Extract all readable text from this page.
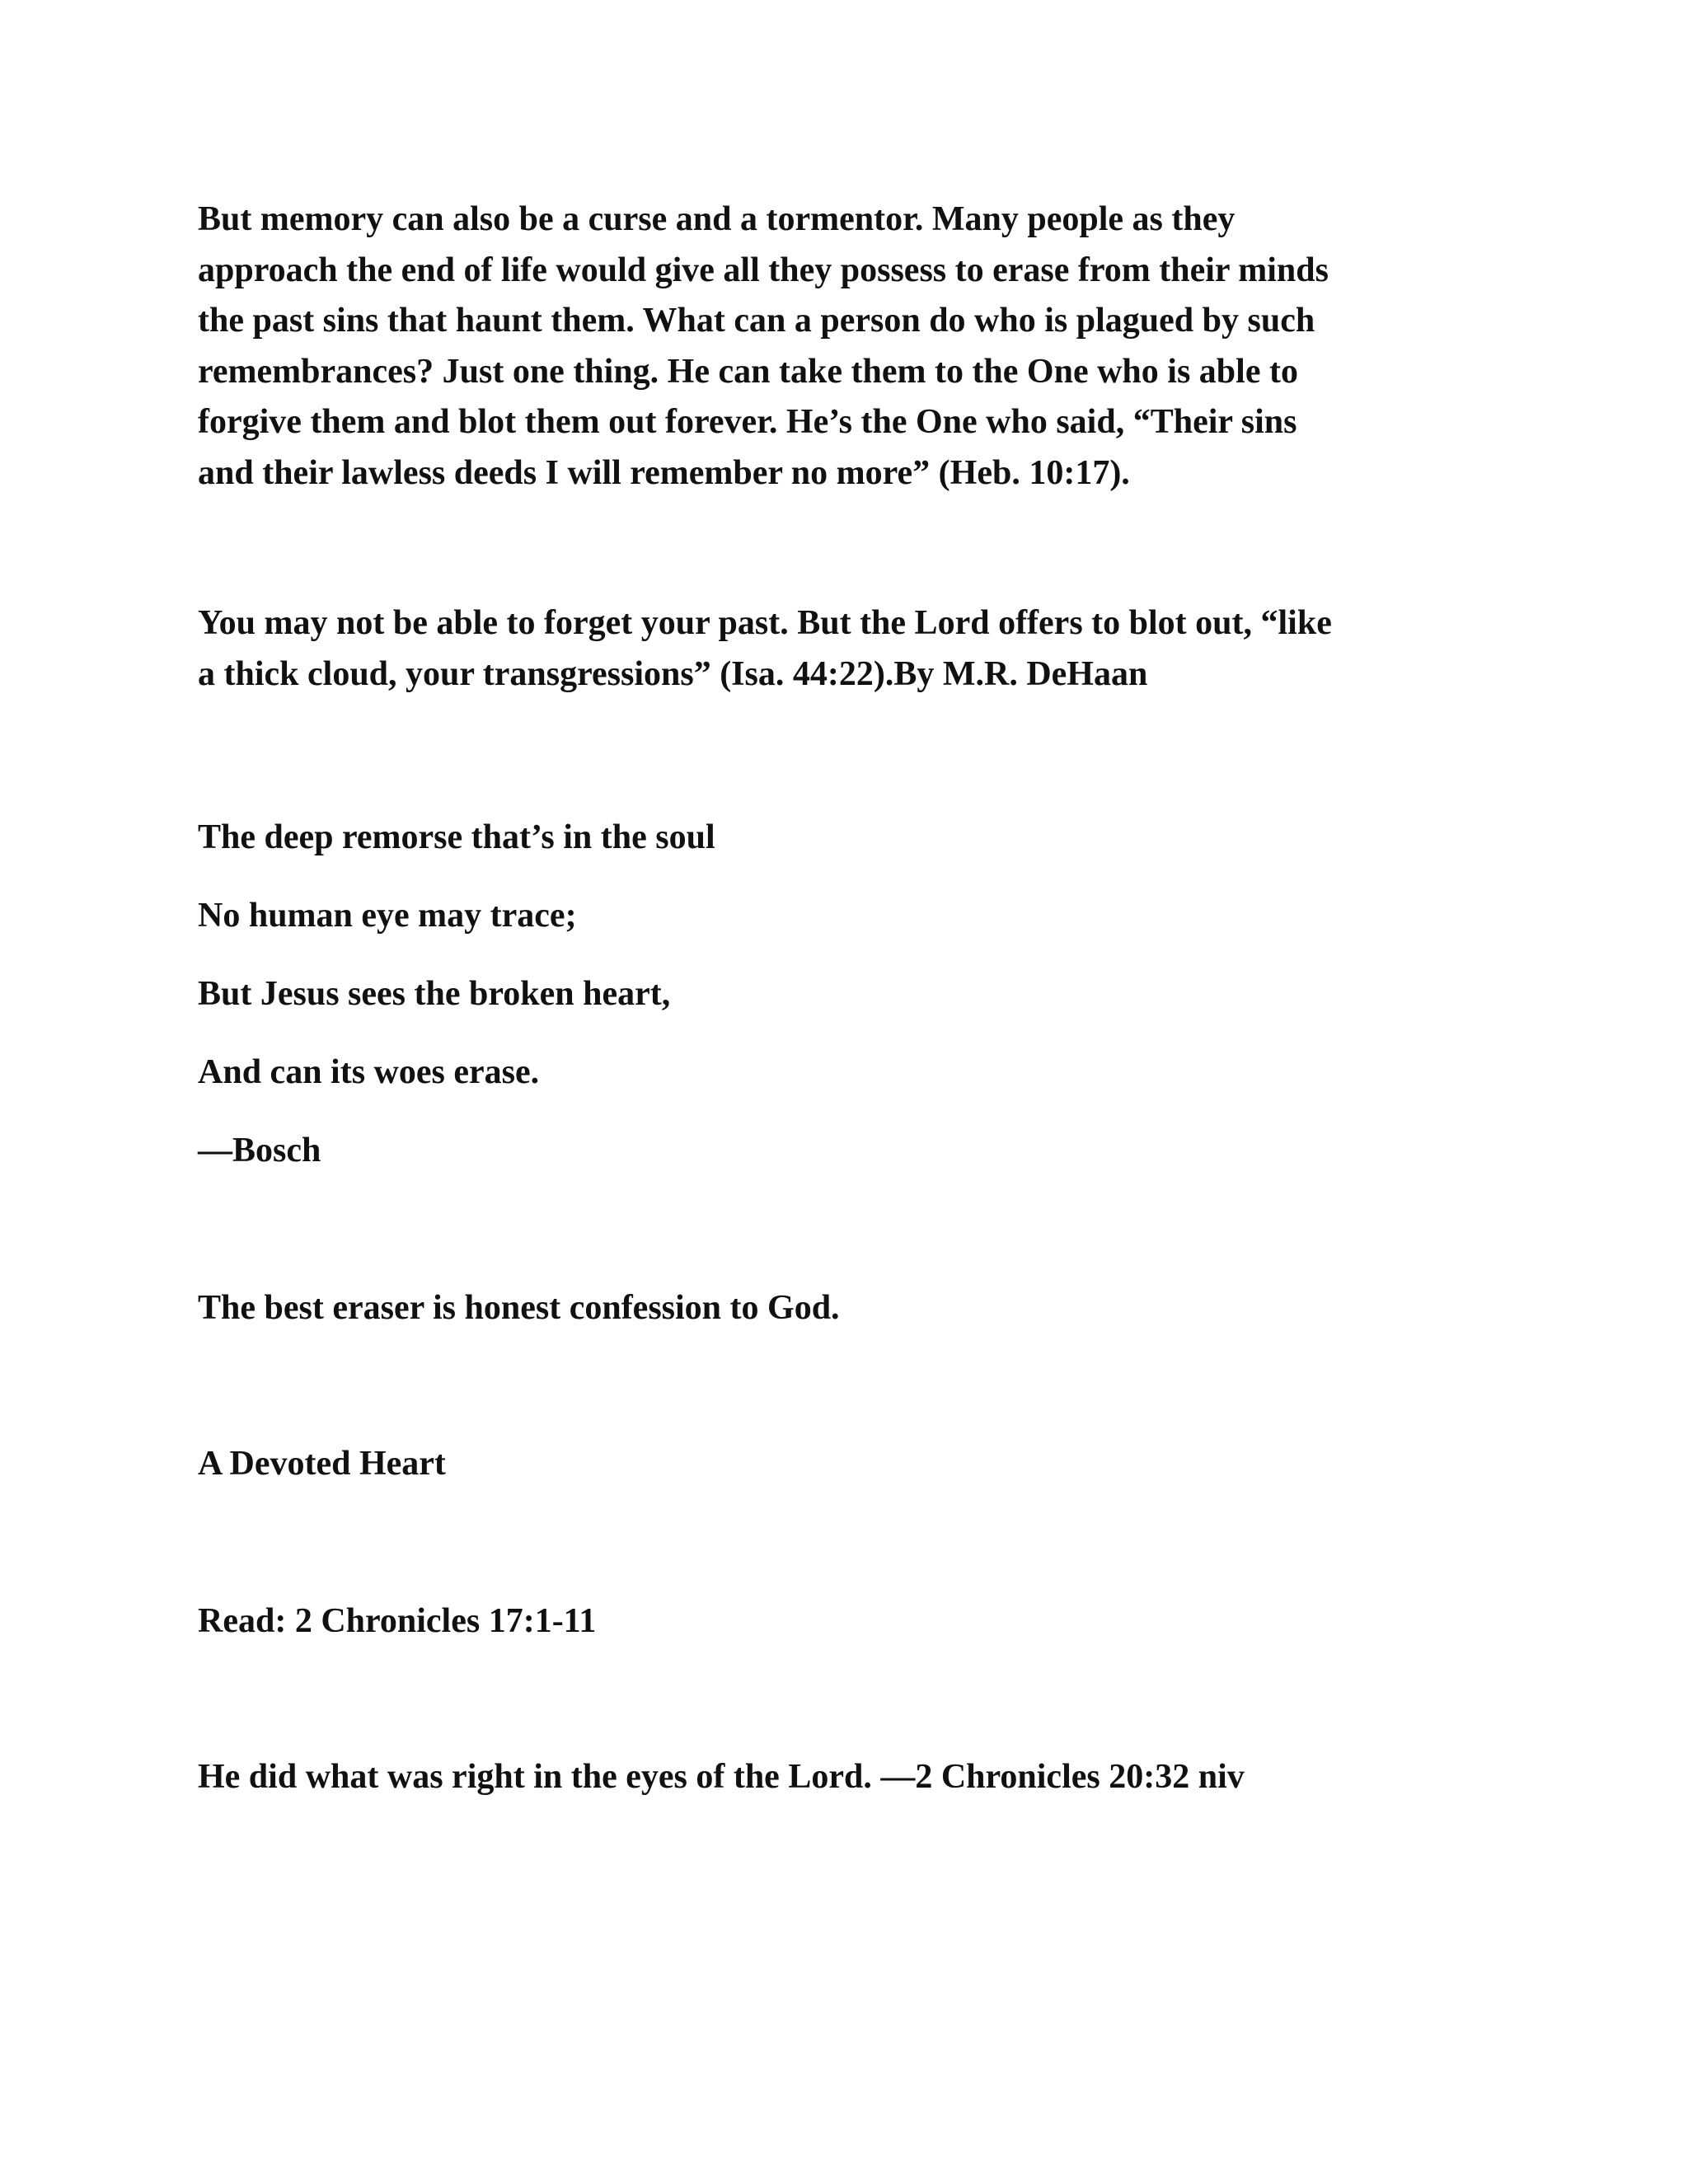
But memory can also be a curse and a tormentor. Many people as they
approach the end of life would give all they possess to erase from their minds
the past sins that haunt them. What can a person do who is plagued by such
remembrances? Just one thing. He can take them to the One who is able to
forgive them and blot them out forever. He’s the One who said, “Their sins
and their lawless deeds I will remember no more” (Heb. 10:17).
You may not be able to forget your past. But the Lord offers to blot out, “like
a thick cloud, your transgressions” (Isa. 44:22).By M.R. DeHaan
The deep remorse that’s in the soul
No human eye may trace;
But Jesus sees the broken heart,
And can its woes erase.
—Bosch
The best eraser is honest confession to God.
A Devoted Heart
Read: 2 Chronicles 17:1-11
He did what was right in the eyes of the Lord. —2 Chronicles 20:32 niv
